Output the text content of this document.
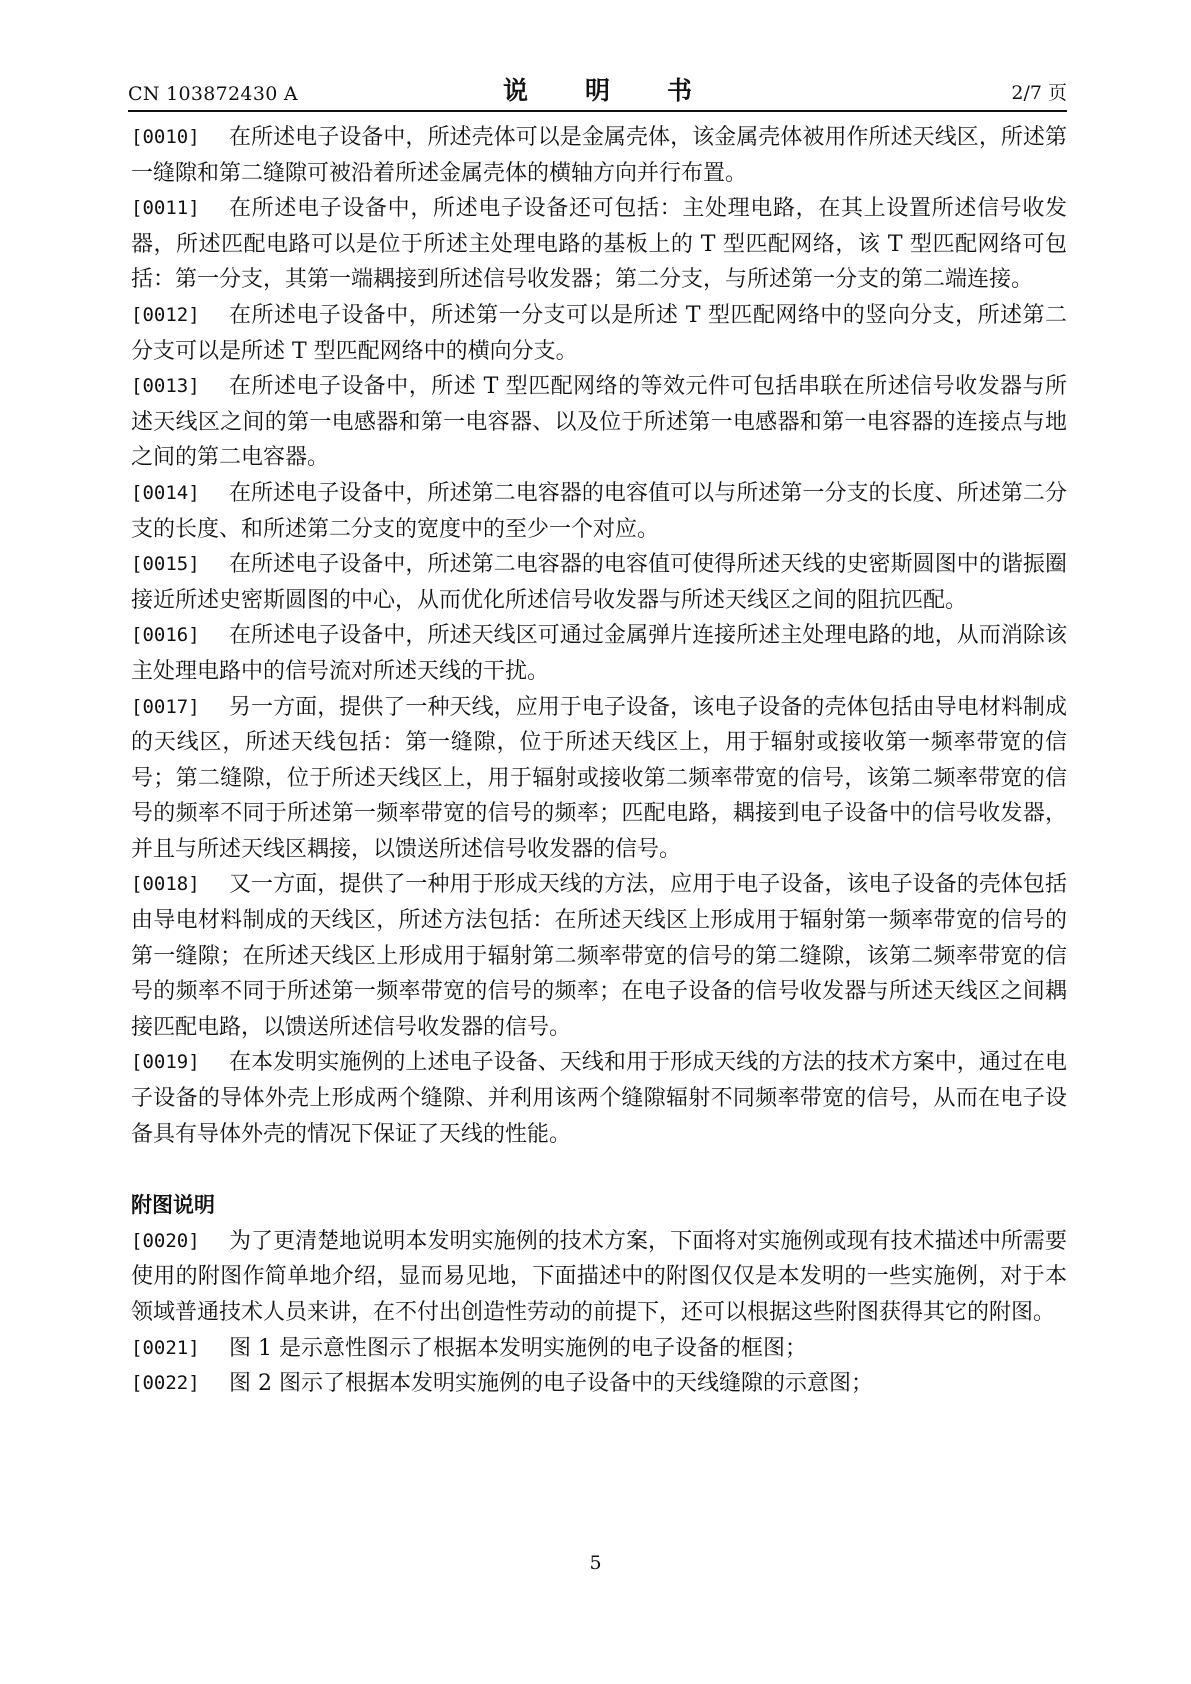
CN 103872430 A	说　明　书	2/7 页

[0010] 在所述电子设备中，所述壳体可以是金属壳体，该金属壳体被用作所述天线区，所述第一缝隙和第二缝隙可被沿着所述金属壳体的横轴方向并行布置。

[0011] 在所述电子设备中，所述电子设备还可包括：主处理电路，在其上设置所述信号收发器，所述匹配电路可以是位于所述主处理电路的基板上的 T 型匹配网络，该 T 型匹配网络可包括：第一分支，其第一端耦接到所述信号收发器；第二分支，与所述第一分支的第二端连接。

[0012] 在所述电子设备中，所述第一分支可以是所述 T 型匹配网络中的竖向分支，所述第二分支可以是所述 T 型匹配网络中的横向分支。

[0013] 在所述电子设备中，所述 T 型匹配网络的等效元件可包括串联在所述信号收发器与所述天线区之间的第一电感器和第一电容器、以及位于所述第一电感器和第一电容器的连接点与地之间的第二电容器。

[0014] 在所述电子设备中，所述第二电容器的电容值可以与所述第一分支的长度、所述第二分支的长度、和所述第二分支的宽度中的至少一个对应。

[0015] 在所述电子设备中，所述第二电容器的电容值可使得所述天线的史密斯圆图中的谐振圈接近所述史密斯圆图的中心，从而优化所述信号收发器与所述天线区之间的阻抗匹配。

[0016] 在所述电子设备中，所述天线区可通过金属弹片连接所述主处理电路的地，从而消除该主处理电路中的信号流对所述天线的干扰。

[0017] 另一方面，提供了一种天线，应用于电子设备，该电子设备的壳体包括由导电材料制成的天线区，所述天线包括：第一缝隙，位于所述天线区上，用于辐射或接收第一频率带宽的信号；第二缝隙，位于所述天线区上，用于辐射或接收第二频率带宽的信号，该第二频率带宽的信号的频率不同于所述第一频率带宽的信号的频率；匹配电路，耦接到电子设备中的信号收发器，并且与所述天线区耦接，以馈送所述信号收发器的信号。

[0018] 又一方面，提供了一种用于形成天线的方法，应用于电子设备，该电子设备的壳体包括由导电材料制成的天线区，所述方法包括：在所述天线区上形成用于辐射第一频率带宽的信号的第一缝隙；在所述天线区上形成用于辐射第二频率带宽的信号的第二缝隙，该第二频率带宽的信号的频率不同于所述第一频率带宽的信号的频率；在电子设备的信号收发器与所述天线区之间耦接匹配电路，以馈送所述信号收发器的信号。

[0019] 在本发明实施例的上述电子设备、天线和用于形成天线的方法的技术方案中，通过在电子设备的导体外壳上形成两个缝隙、并利用该两个缝隙辐射不同频率带宽的信号，从而在电子设备具有导体外壳的情况下保证了天线的性能。

附图说明

[0020] 为了更清楚地说明本发明实施例的技术方案，下面将对实施例或现有技术描述中所需要使用的附图作简单地介绍，显而易见地，下面描述中的附图仅仅是本发明的一些实施例，对于本领域普通技术人员来讲，在不付出创造性劳动的前提下，还可以根据这些附图获得其它的附图。

[0021] 图 1 是示意性图示了根据本发明实施例的电子设备的框图；

[0022] 图 2 图示了根据本发明实施例的电子设备中的天线缝隙的示意图；

5
